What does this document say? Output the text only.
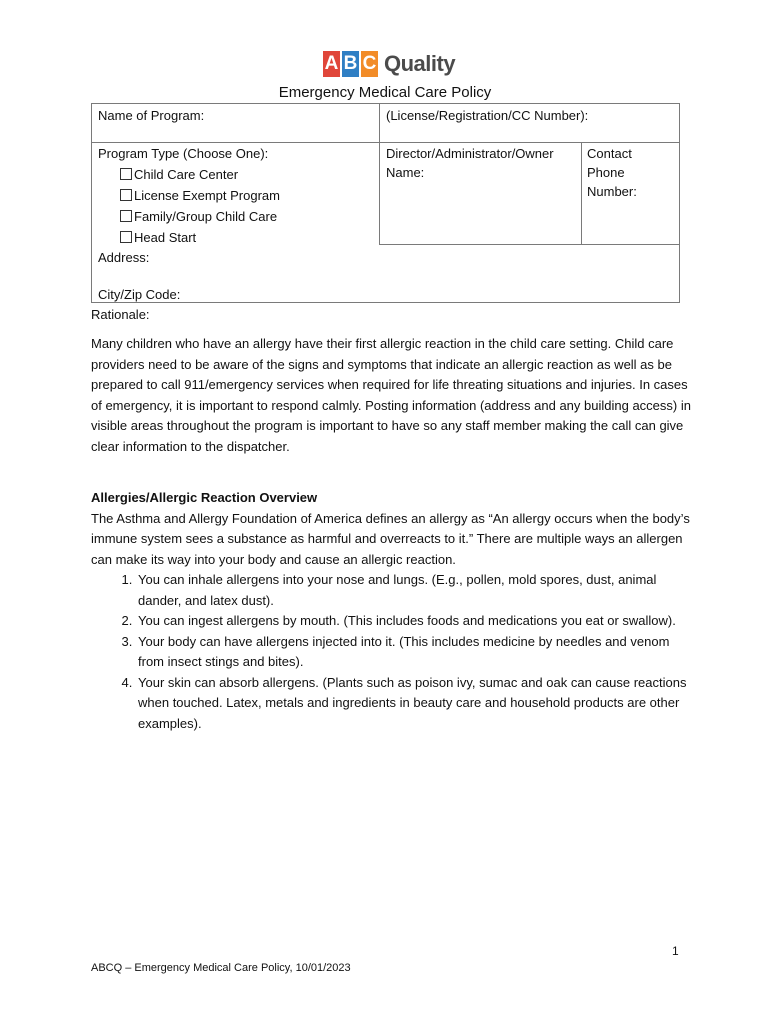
A B C Quality
Emergency Medical Care Policy
Name of Program:	(License/Registration/CC Number):
Program Type (Choose One):
Child Care Center
License Exempt Program
Family/Group Child Care
Head Start
Director/Administrator/Owner Name:
Contact Phone Number:
Address:
City/Zip Code:
Rationale:
Many children who have an allergy have their first allergic reaction in the child care setting. Child care providers need to be aware of the signs and symptoms that indicate an allergic reaction as well as be prepared to call 911/emergency services when required for life threating situations and injuries. In cases of emergency, it is important to respond calmly. Posting information (address and any building access) in visible areas throughout the program is important to have so any staff member making the call can give clear information to the dispatcher.
Allergies/Allergic Reaction Overview
The Asthma and Allergy Foundation of America defines an allergy as “An allergy occurs when the body’s immune system sees a substance as harmful and overreacts to it.” There are multiple ways an allergen can make its way into your body and cause an allergic reaction.
1. You can inhale allergens into your nose and lungs. (E.g., pollen, mold spores, dust, animal dander, and latex dust).
2. You can ingest allergens by mouth. (This includes foods and medications you eat or swallow).
3. Your body can have allergens injected into it. (This includes medicine by needles and venom from insect stings and bites).
4. Your skin can absorb allergens. (Plants such as poison ivy, sumac and oak can cause reactions when touched. Latex, metals and ingredients in beauty care and household products are other examples).
1
ABCQ – Emergency Medical Care Policy, 10/01/2023
